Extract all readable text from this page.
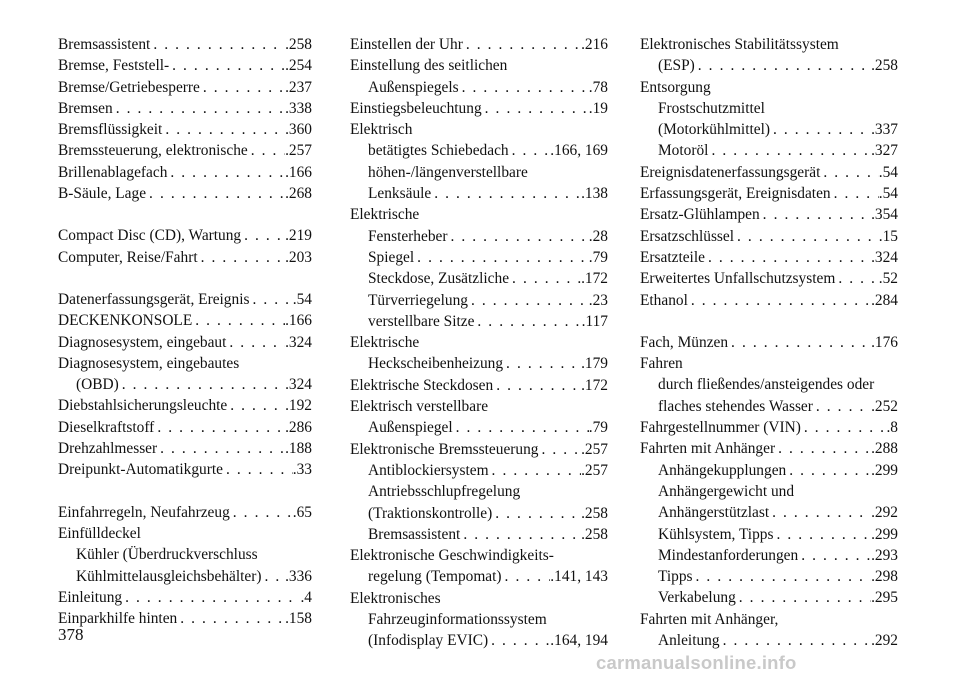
Bremsassistent . . .	.258
Bremse, Feststell- . . .	.254
Bremse/Getriebesperre . . .	.237
Bremsen . . .	.338
Bremsflüssigkeit . . .	.360
Bremssteuerung, elektronische . . . .257
Brillenablagefach . . .	.166
B-Säule, Lage . . .	.268
Compact Disc (CD), Wartung . . .	.219
Computer, Reise/Fahrt . . .	.203
Datenerfassungsgerät, Ereignis . . .	.54
DECKENKONSOLE . . .	.166
Diagnosesystem, eingebaut . . .	.324
Diagnosesystem, eingebautes
(OBD) . . .	.324
Diebstahlsicherungsleuchte . . .	.192
Dieselkraftstoff . . .	.286
Drehzahlmesser . . .	.188
Dreipunkt-Automatikgurte . . .	.33
Einfahrregeln, Neufahrzeug . . .	.65
Einfülldeckel
Kühler (Überdruckverschluss
Kühlmittelausgleichsbehälter) . . . .336
Einleitung . . .	.4
Einparkhilfe hinten . . .	.158
Einstellen der Uhr . . .	.216
Einstellung des seitlichen
Außenspiegels . . .	.78
Einstiegsbeleuchtung . . .	.19
Elektrisch
betätigtes Schiebedach . . .	.166, 169
höhen-/längenverstellbare
Lenksäule . . .	.138
Elektrische
Fensterheber . . .	.28
Spiegel . . .	.79
Steckdose, Zusätzliche . . .	.172
Türverriegelung . . .	.23
verstellbare Sitze . . .	.117
Elektrische
Heckscheibenheizung . . .	.179
Elektrische Steckdosen . . .	.172
Elektrisch verstellbare
Außenspiegel . . .	.79
Elektronische Bremssteuerung . . .	.257
Antiblockiersystem . . .	.257
Antriebsschlupfregelung
(Traktionskontrolle) . . .	.258
Bremsassistent . . .	.258
Elektronische Geschwindigkeits-
regelung (Tempomat) . . .	.141, 143
Elektronisches
Fahrzeuginformationssystem
(Infodisplay EVIC) . . .	.164, 194
Elektronisches Stabilitätssystem
(ESP) . . .	.258
Entsorgung
Frostschutzmittel
(Motorkühlmittel) . . .	.337
Motoröl . . .	.327
Ereignisdatenerfassungsgerät . . .	.54
Erfassungsgerät, Ereignisdaten . . .	.54
Ersatz-Glühlampen . . .	.354
Ersatzschlüssel . . .	.15
Ersatzteile . . .	.324
Erweitertes Unfallschutzsystem . . .	.52
Ethanol . . .	.284
Fach, Münzen . . .	.176
Fahren
durch fließendes/ansteigendes oder
flaches stehendes Wasser . . .	.252
Fahrgestellnummer (VIN) . . .	.8
Fahrten mit Anhänger . . .	.288
Anhängekupplungen . . .	.299
Anhängergewicht und
Anhängerstützlast . . .	.292
Kühlsystem, Tipps . . .	.299
Mindestanforderungen . . .	.293
Tipps . . .	.298
Verkabelung . . .	.295
Fahrten mit Anhänger,
Anleitung . . .	.292
378
carmanualsonline.info
